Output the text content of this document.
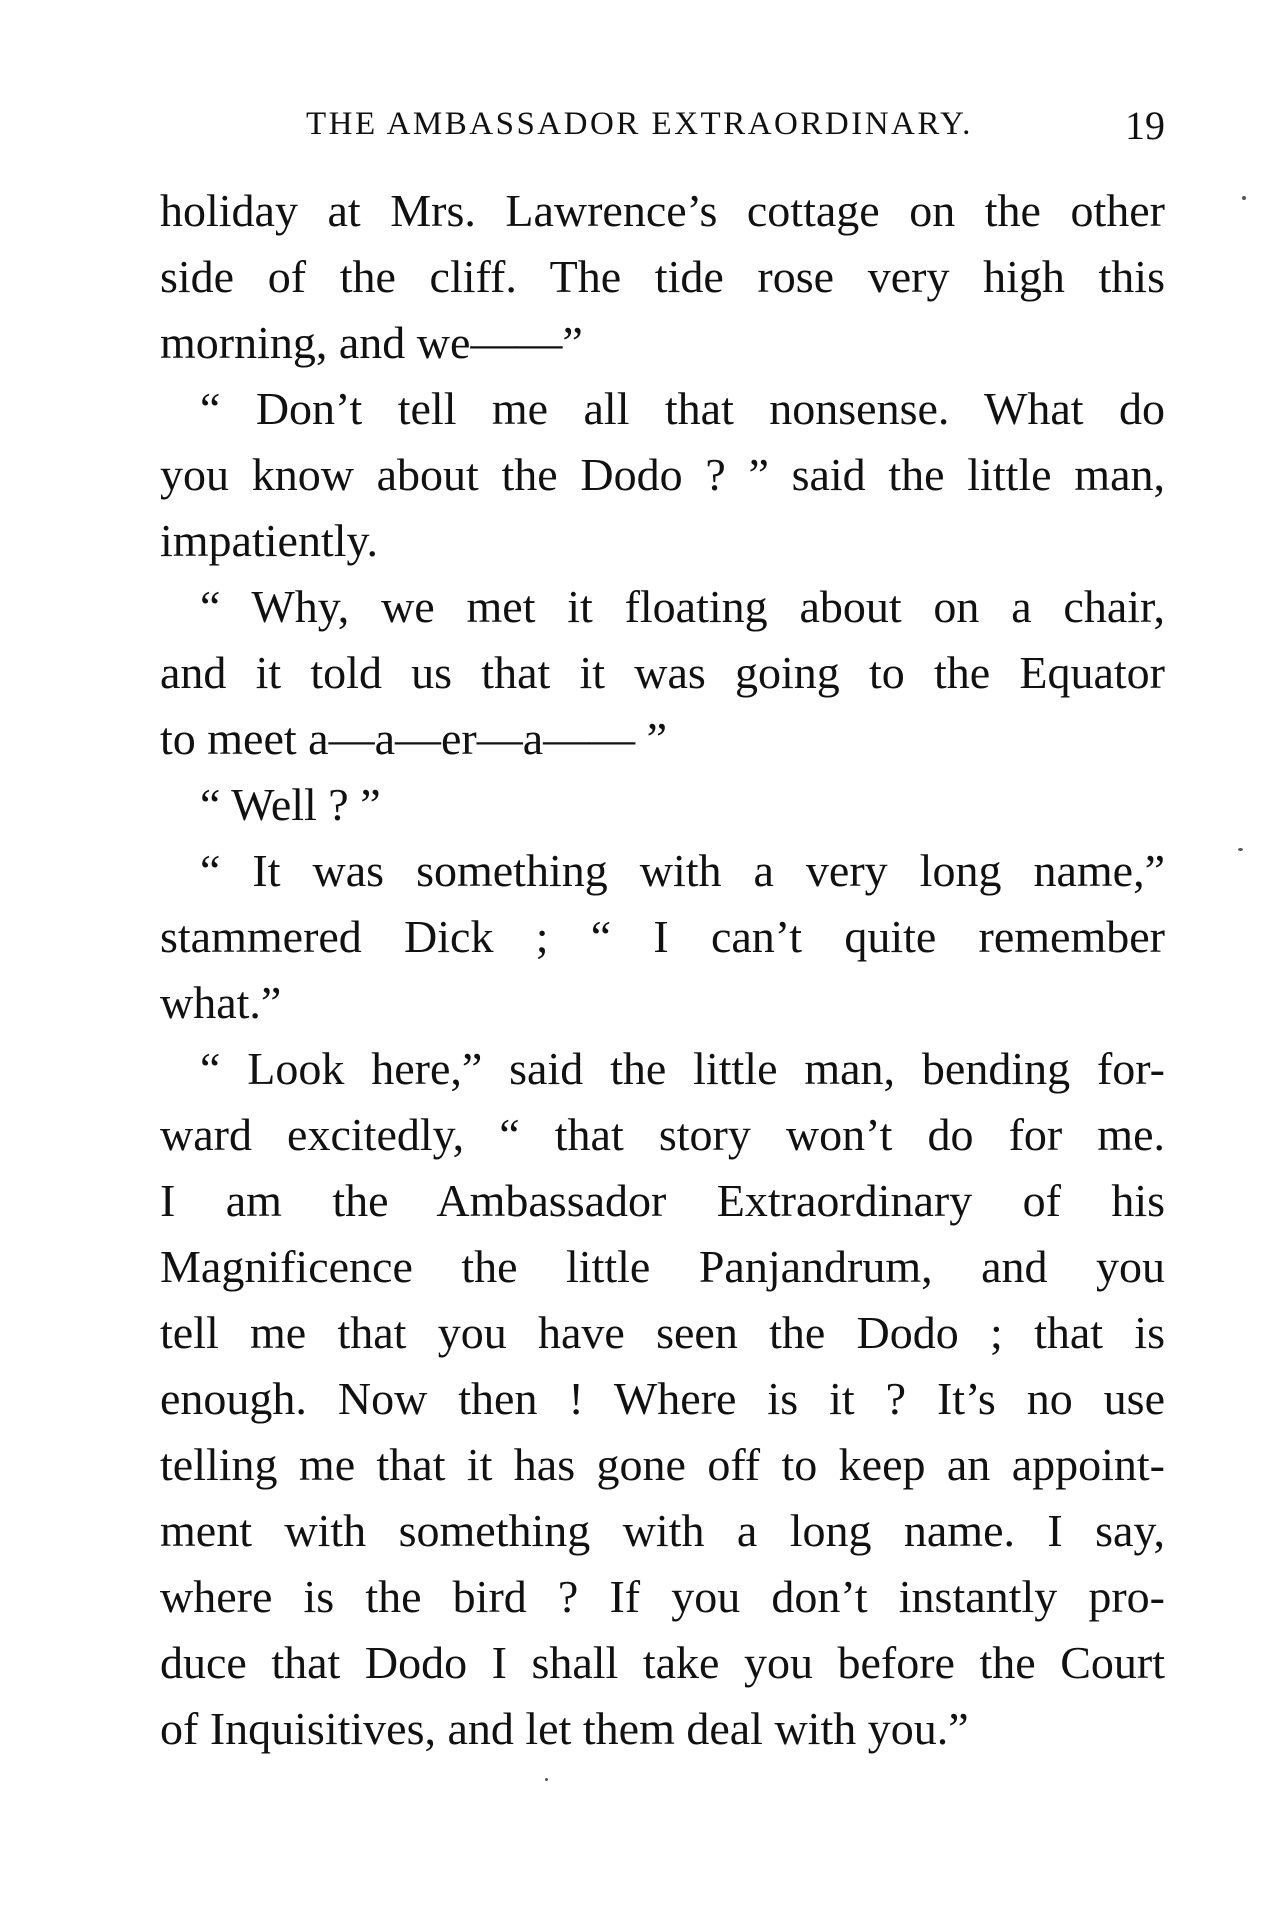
THE AMBASSADOR EXTRAORDINARY.	19
holiday at Mrs. Lawrence’s cottage on the other
side of the cliff. The tide rose very high this
morning, and we——”
“ Don’t tell me all that nonsense. What do
you know about the Dodo ? ” said the little man,
impatiently.
“ Why, we met it floating about on a chair,
and it told us that it was going to the Equator
to meet a—a—er—a—— ”
“ Well ? ”
“ It was something with a very long name,”
stammered Dick ; “ I can’t quite remember
what.”
“ Look here,” said the little man, bending for-
ward excitedly, “ that story won’t do for me.
I am the Ambassador Extraordinary of his
Magnificence the little Panjandrum, and you
tell me that you have seen the Dodo ; that is
enough. Now then ! Where is it ? It’s no use
telling me that it has gone off to keep an appoint-
ment with something with a long name. I say,
where is the bird ? If you don’t instantly pro-
duce that Dodo I shall take you before the Court
of Inquisitives, and let them deal with you.”
